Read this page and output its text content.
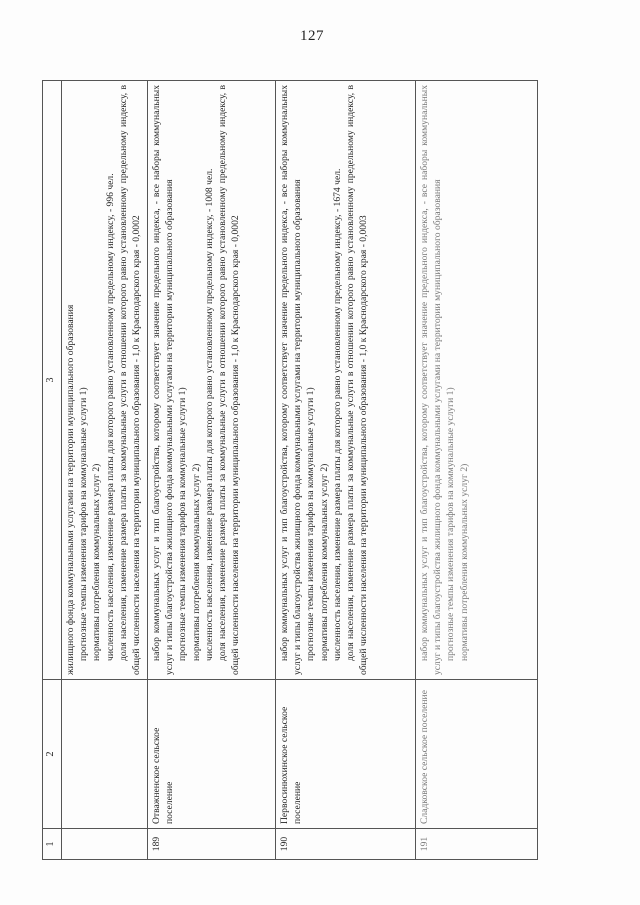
127
1	2	3

		жилищного фонда коммунальными услугами на территории муниципального образования прогнозные темпы изменения тарифов на коммунальные услуги 1) нормативы потребления коммунальных услуг 2) численность населения, изменение размера платы для которого равно установленному предельному индексу, - 996 чел. доля населения, изменение размера платы за коммунальные услуги в отношении которого равно установленному предельному индексу, в общей численности населения на территории муниципального образования - 1,0 к Краснодарского края - 0,0002

189	Отважненское сельское поселение	набор коммунальных услуг и тип благоустройства, которому соответствует значение предельного индекса, - все наборы коммунальных услуг и типы благоустройства жилищного фонда коммунальными услугами на территории муниципального образования прогнозные темпы изменения тарифов на коммунальные услуги 1) нормативы потребления коммунальных услуг 2) численность населения, изменение размера платы для которого равно установленному предельному индексу, - 1008 чел. доля населения, изменение размера платы за коммунальные услуги в отношении которого равно установленному предельному индексу, в общей численности населения на территории муниципального образования - 1,0 к Краснодарского края - 0,0002

190	Первосинюхинское сельское поселение	набор коммунальных услуг и тип благоустройства, которому соответствует значение предельного индекса, - все наборы коммунальных услуг и типы благоустройства жилищного фонда коммунальными услугами на территории муниципального образования прогнозные темпы изменения тарифов на коммунальные услуги 1) нормативы потребления коммунальных услуг 2) численность населения, изменение размера платы для которого равно установленному предельному индексу, - 1674 чел. доля населения, изменение размера платы за коммунальные услуги в отношении которого равно установленному предельному индексу, в общей численности населения на территории муниципального образования - 1,0 к Краснодарского края - 0,0003

191	Сладковское сельское поселение	набор коммунальных услуг и тип благоустройства, которому соответствует значение предельного индекса, - все наборы коммунальных услуг и типы благоустройства жилищного фонда коммунальными услугами на территории муниципального образования прогнозные темпы изменения тарифов на коммунальные услуги 1) нормативы потребления коммунальных услуг 2)
